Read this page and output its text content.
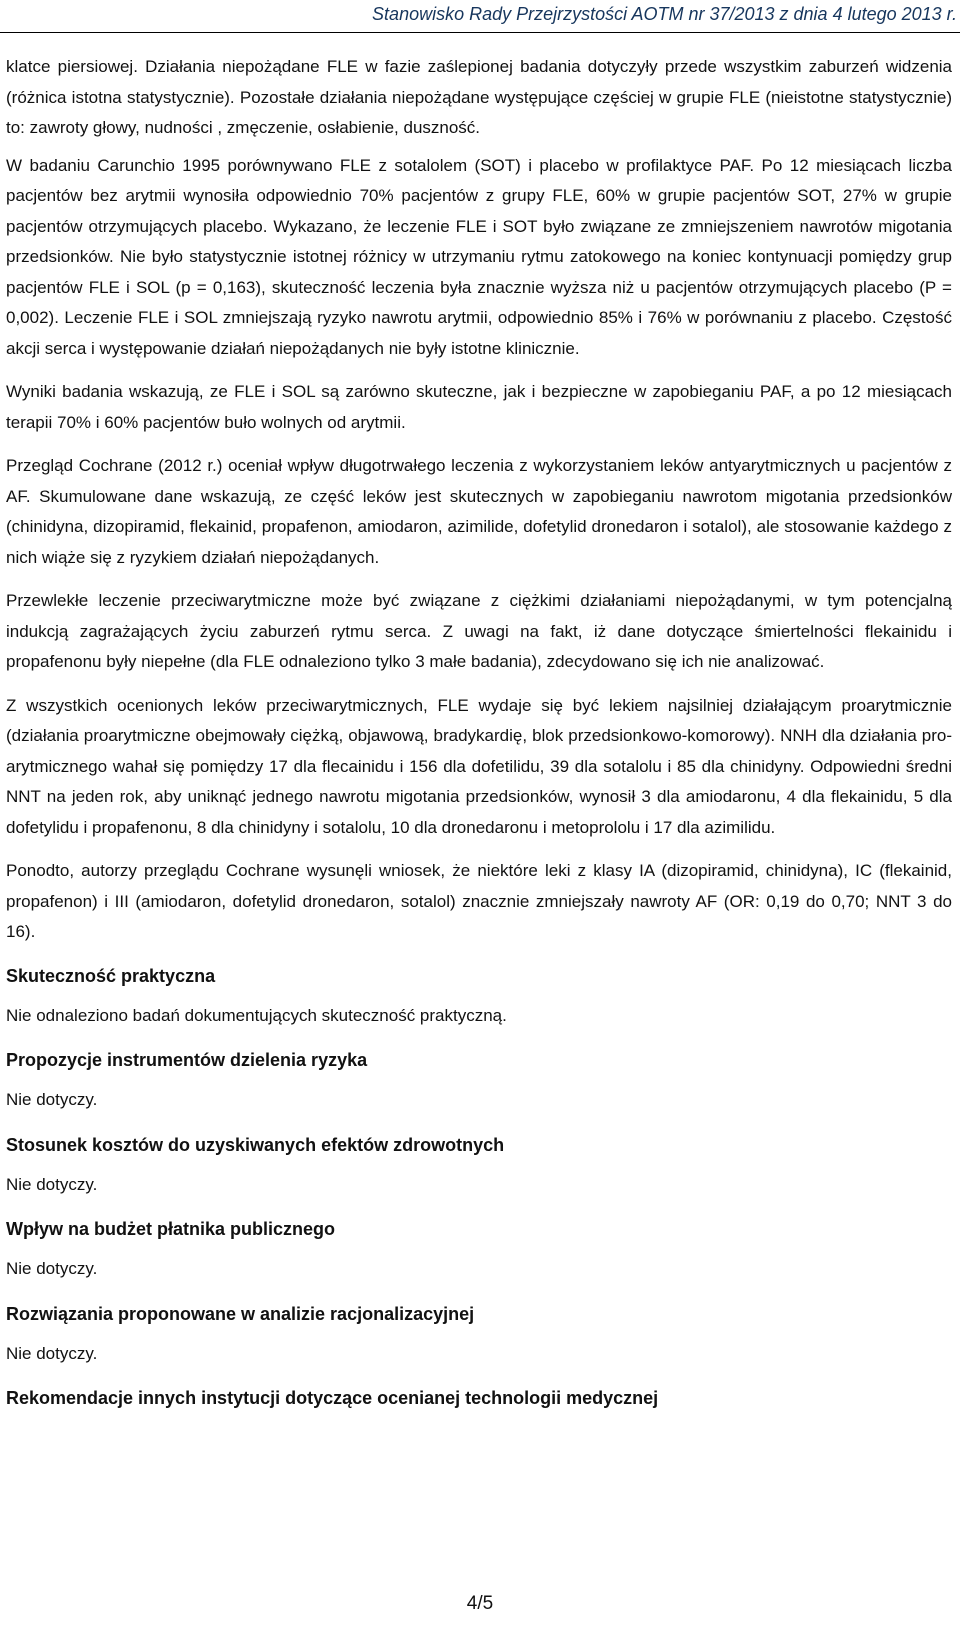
Stanowisko Rady Przejrzystości AOTM nr 37/2013 z dnia 4 lutego 2013 r.

klatce piersiowej. Działania niepożądane FLE w fazie zaślepionej badania dotyczyły przede wszystkim zaburzeń widzenia (różnica istotna statystycznie). Pozostałe działania niepożądane występujące częściej w grupie FLE (nieistotne statystycznie) to: zawroty głowy, nudności , zmęczenie, osłabienie, duszność.

W badaniu Carunchio 1995 porównywano FLE z sotalolem (SOT) i placebo w profilaktyce PAF. Po 12 miesiącach liczba pacjentów bez arytmii wynosiła odpowiednio 70% pacjentów z grupy FLE, 60% w grupie pacjentów SOT, 27% w grupie pacjentów otrzymujących placebo. Wykazano, że leczenie FLE i SOT było związane ze zmniejszeniem nawrotów migotania przedsionków. Nie było statystycznie istotnej różnicy w utrzymaniu rytmu zatokowego na koniec kontynuacji pomiędzy grup pacjentów FLE i SOL (p = 0,163), skuteczność leczenia była znacznie wyższa niż u pacjentów otrzymujących placebo (P = 0,002). Leczenie FLE i SOL zmniejszają ryzyko nawrotu arytmii, odpowiednio 85% i 76% w porównaniu z placebo. Częstość akcji serca i występowanie działań niepożądanych nie były istotne klinicznie.

Wyniki badania wskazują, ze FLE i SOL są zarówno skuteczne, jak i bezpieczne w zapobieganiu PAF, a po 12 miesiącach terapii 70% i 60% pacjentów buło wolnych od arytmii.

Przegląd Cochrane (2012 r.) oceniał wpływ długotrwałego leczenia z wykorzystaniem leków antyarytmicznych u pacjentów z AF. Skumulowane dane wskazują, ze część leków jest skutecznych w zapobieganiu nawrotom migotania przedsionków (chinidyna, dizopiramid, flekainid, propafenon, amiodaron, azimilide, dofetylid dronedaron i sotalol), ale stosowanie każdego z nich wiąże się z ryzykiem działań niepożądanych.

Przewlekłe leczenie przeciwarytmiczne może być związane z ciężkimi działaniami niepożądanymi, w tym potencjalną indukcją zagrażających życiu zaburzeń rytmu serca. Z uwagi na fakt, iż dane dotyczące śmiertelności flekainidu i propafenonu były niepełne (dla FLE odnaleziono tylko 3 małe badania), zdecydowano się ich nie analizować.

Z wszystkich ocenionych leków przeciwarytmicznych, FLE wydaje się być lekiem najsilniej działającym proarytmicznie (działania proarytmiczne obejmowały ciężką, objawową, bradykardię, blok przedsionkowo-komorowy). NNH dla działania pro-arytmicznego wahał się pomiędzy 17 dla flecainidu i 156 dla dofetilidu, 39 dla sotalolu i 85 dla chinidyny. Odpowiedni średni NNT na jeden rok, aby uniknąć jednego nawrotu migotania przedsionków, wynosił 3 dla amiodaronu, 4 dla flekainidu, 5 dla dofetylidu i propafenonu, 8 dla chinidyny i sotalolu, 10 dla dronedaronu i metoprololu i 17 dla azimilidu.

Ponodto, autorzy przeglądu Cochrane wysunęli wniosek, że niektóre leki z klasy IA (dizopiramid, chinidyna), IC (flekainid, propafenon) i III (amiodaron, dofetylid dronedaron, sotalol) znacznie zmniejszały nawroty AF (OR: 0,19 do 0,70; NNT 3 do 16).

Skuteczność praktyczna

Nie odnaleziono badań dokumentujących skuteczność praktyczną.

Propozycje instrumentów dzielenia ryzyka

Nie dotyczy.

Stosunek kosztów do uzyskiwanych efektów zdrowotnych

Nie dotyczy.

Wpływ na budżet płatnika publicznego

Nie dotyczy.

Rozwiązania proponowane w analizie racjonalizacyjnej

Nie dotyczy.

Rekomendacje innych instytucji dotyczące ocenianej technologii medycznej
4/5
